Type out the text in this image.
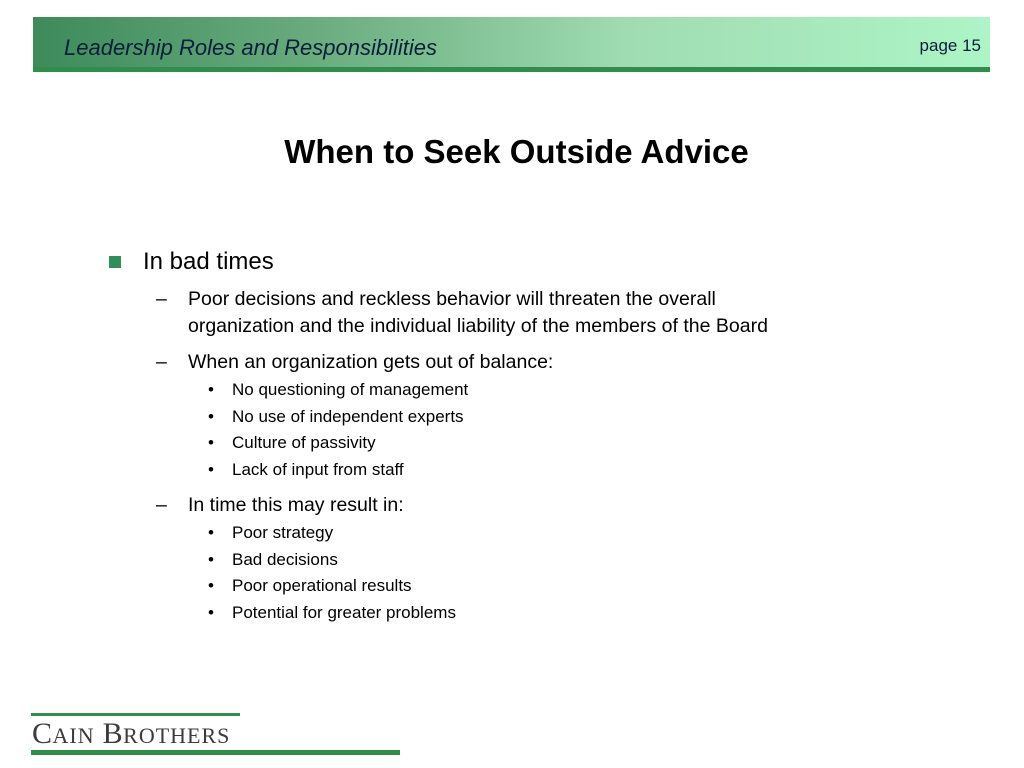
Leadership Roles and Responsibilities	page 15
When to Seek Outside Advice
In bad times
– Poor decisions and reckless behavior will threaten the overall
organization and the individual liability of the members of the Board
– When an organization gets out of balance:
• No questioning of management
• No use of independent experts
• Culture of passivity
• Lack of input from staff
– In time this may result in:
• Poor strategy
• Bad decisions
• Poor operational results
• Potential for greater problems
CAIN BROTHERS
